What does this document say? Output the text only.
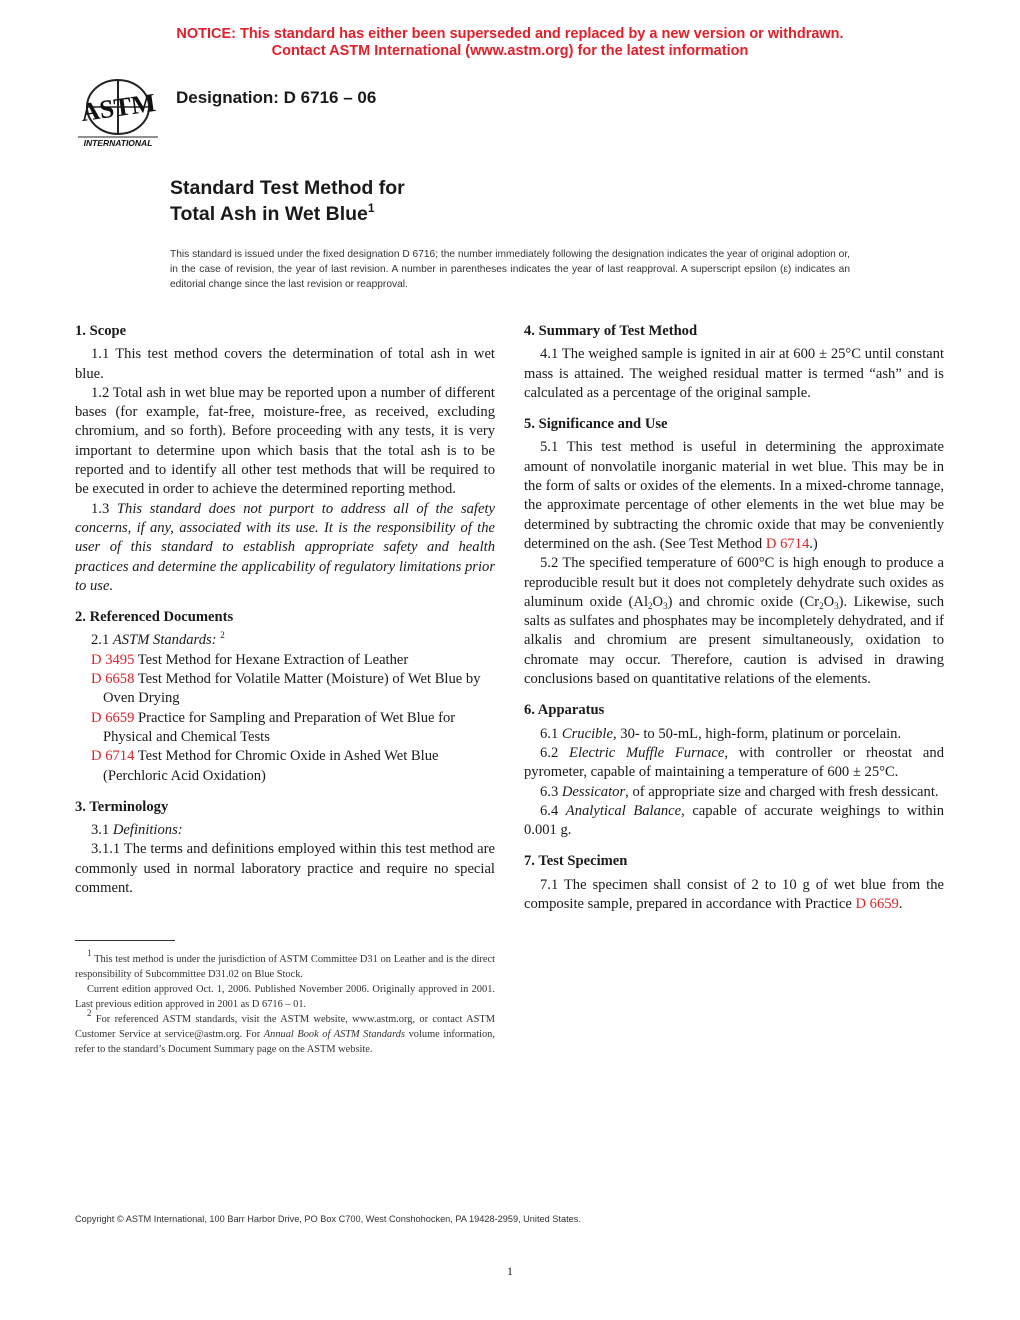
NOTICE: This standard has either been superseded and replaced by a new version or withdrawn.
Contact ASTM International (www.astm.org) for the latest information
ASTM
INTERNATIONAL
Designation: D 6716 – 06
Standard Test Method for
Total Ash in Wet Blue$^1$
This standard is issued under the fixed designation D 6716; the number immediately following the designation indicates the year of original adoption or, in the case of revision, the year of last revision. A number in parentheses indicates the year of last reapproval. A superscript epsilon (ε) indicates an editorial change since the last revision or reapproval.
1. Scope

1.1 This test method covers the determination of total ash in wet blue.

1.2 Total ash in wet blue may be reported upon a number of different bases (for example, fat-free, moisture-free, as received, excluding chromium, and so forth). Before proceeding with any tests, it is very important to determine upon which basis that the total ash is to be reported and to identify all other test methods that will be required to be executed in order to achieve the determined reporting method.

1.3 This standard does not purport to address all of the safety concerns, if any, associated with its use. It is the responsibility of the user of this standard to establish appropriate safety and health practices and determine the applicability of regulatory limitations prior to use.

2. Referenced Documents

2.1 ASTM Standards: $^2$

D 3495 Test Method for Hexane Extraction of Leather

D 6658 Test Method for Volatile Matter (Moisture) of Wet Blue by Oven Drying

D 6659 Practice for Sampling and Preparation of Wet Blue for Physical and Chemical Tests

D 6714 Test Method for Chromic Oxide in Ashed Wet Blue (Perchloric Acid Oxidation)

3. Terminology

3.1 Definitions:

3.1.1 The terms and definitions employed within this test method are commonly used in normal laboratory practice and require no special comment.

$^1$ This test method is under the jurisdiction of ASTM Committee D31 on Leather and is the direct responsibility of Subcommittee D31.02 on Blue Stock.

Current edition approved Oct. 1, 2006. Published November 2006. Originally approved in 2001. Last previous edition approved in 2001 as D 6716 – 01.

$^2$ For referenced ASTM standards, visit the ASTM website, www.astm.org, or contact ASTM Customer Service at service@astm.org. For Annual Book of ASTM Standards volume information, refer to the standard’s Document Summary page on the ASTM website.

4. Summary of Test Method

4.1 The weighed sample is ignited in air at 600 ± 25°C until constant mass is attained. The weighed residual matter is termed “ash” and is calculated as a percentage of the original sample.

5. Significance and Use

5.1 This test method is useful in determining the approximate amount of nonvolatile inorganic material in wet blue. This may be in the form of salts or oxides of the elements. In a mixed-chrome tannage, the approximate percentage of other elements in the wet blue may be determined by subtracting the chromic oxide that may be conveniently determined on the ash. (See Test Method D 6714.)

5.2 The specified temperature of 600°C is high enough to produce a reproducible result but it does not completely dehydrate such oxides as aluminum oxide $(Al_2O_3)$ and chromic oxide $(Cr_2O_3)$. Likewise, such salts as sulfates and phosphates may be incompletely dehydrated, and if alkalis and chromium are present simultaneously, oxidation to chromate may occur. Therefore, caution is advised in drawing conclusions based on quantitative relations of the elements.

6. Apparatus

6.1 Crucible, 30- to 50-mL, high-form, platinum or porcelain.

6.2 Electric Muffle Furnace, with controller or rheostat and pyrometer, capable of maintaining a temperature of 600 ± 25°C.

6.3 Dessicator, of appropriate size and charged with fresh dessicant.

6.4 Analytical Balance, capable of accurate weighings to within 0.001 g.

7. Test Specimen

7.1 The specimen shall consist of 2 to 10 g of wet blue from the composite sample, prepared in accordance with Practice D 6659.

Copyright © ASTM International, 100 Barr Harbor Drive, PO Box C700, West Conshohocken, PA 19428-2959, United States.
1
